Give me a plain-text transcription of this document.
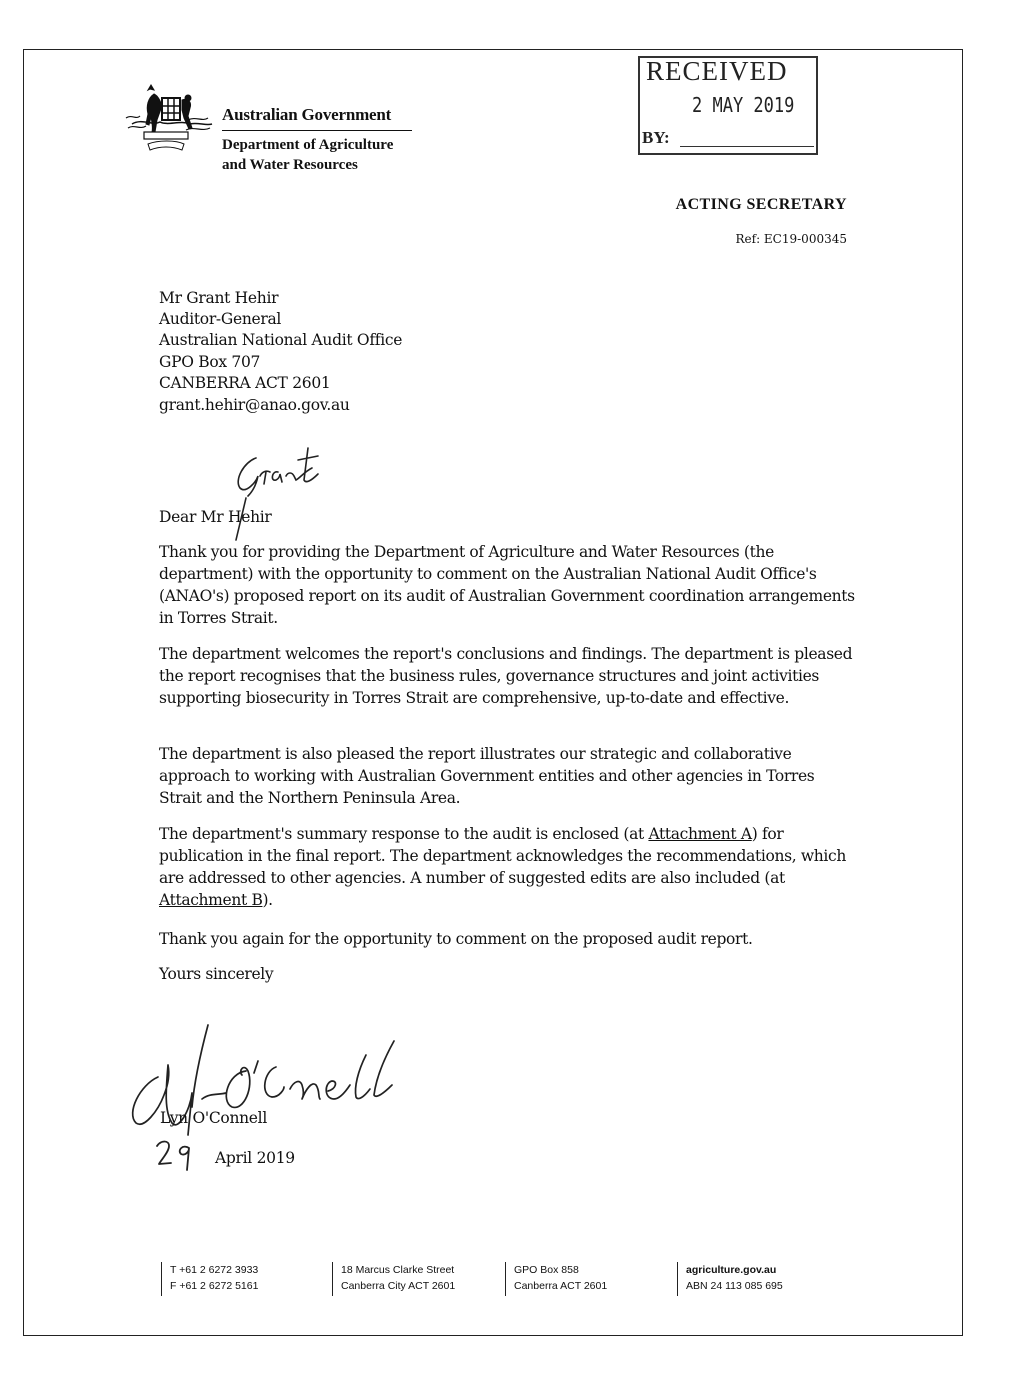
Australian Government
Department of Agriculture
and Water Resources
RECEIVED
2 MAY 2019
BY:
ACTING SECRETARY
Ref: EC19-000345
Mr Grant Hehir
Auditor-General
Australian National Audit Office
GPO Box 707
CANBERRA ACT 2601
grant.hehir@anao.gov.au
Dear Mr Hehir
Thank you for providing the Department of Agriculture and Water Resources (the department) with the opportunity to comment on the Australian National Audit Office's (ANAO's) proposed report on its audit of Australian Government coordination arrangements in Torres Strait.
The department welcomes the report's conclusions and findings. The department is pleased the report recognises that the business rules, governance structures and joint activities supporting biosecurity in Torres Strait are comprehensive, up-to-date and effective.
The department is also pleased the report illustrates our strategic and collaborative approach to working with Australian Government entities and other agencies in Torres Strait and the Northern Peninsula Area.
The department's summary response to the audit is enclosed (at Attachment A) for publication in the final report. The department acknowledges the recommendations, which are addressed to other agencies. A number of suggested edits are also included (at Attachment B).
Thank you again for the opportunity to comment on the proposed audit report.
Yours sincerely
Lyn O'Connell
April 2019
T +61 2 6272 3933
F +61 2 6272 5161
18 Marcus Clarke Street
Canberra City ACT 2601
GPO Box 858
Canberra ACT 2601
agriculture.gov.au
ABN 24 113 085 695
